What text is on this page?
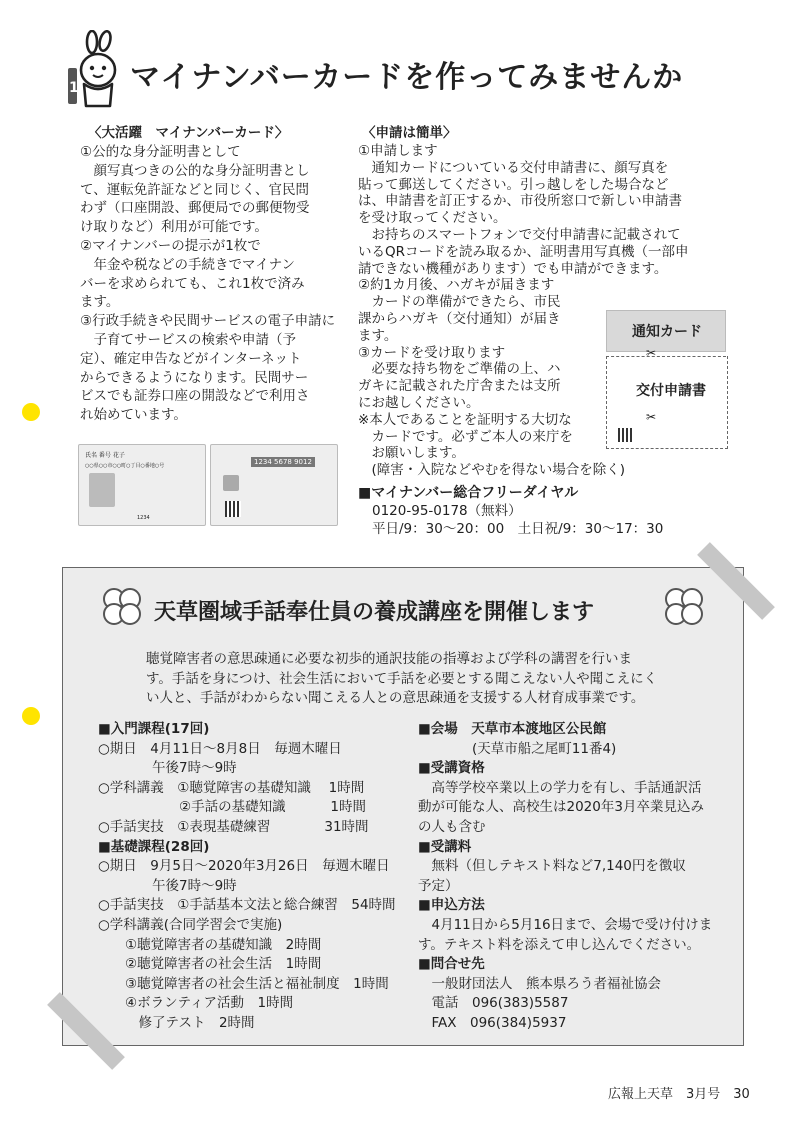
1 マイナンバーカードを作ってみませんか
〈大活躍　マイナンバーカード〉
①公的な身分証明書として
　顔写真つきの公的な身分証明書とし
て、運転免許証などと同じく、官民問
わず（口座開設、郵便局での郵便物受
け取りなど）利用が可能です。
②マイナンバーの提示が1枚で
　年金や税などの手続きでマイナン
バーを求められても、これ1枚で済み
ます。
③行政手続きや民間サービスの電子申請に
　子育てサービスの検索や申請（予
定）、確定申告などがインターネット
からできるようになります。民間サー
ビスでも証券口座の開設などで利用さ
れ始めています。
氏名 番号 花子
○○県○○市○○町○丁目○番地○号
1234
1234 5678 9012
〈申請は簡単〉
①申請します
　通知カードについている交付申請書に、顔写真を
貼って郵送してください。引っ越しをした場合など
は、申請書を訂正するか、市役所窓口で新しい申請書
を受け取ってください。
　お持ちのスマートフォンで交付申請書に記載されて
いるQRコードを読み取るか、証明書用写真機（一部申
請できない機種があります）でも申請ができます。
②約1カ月後、ハガキが届きます
　カードの準備ができたら、市民
課からハガキ（交付通知）が届き
ます。
③カードを受け取ります
　必要な持ち物をご準備の上、ハ
ガキに記載された庁舎または支所
にお越しください。
※本人であることを証明する大切な
　カードです。必ずご本人の来庁を
　お願いします。
　(障害・入院などやむを得ない場合を除く)
通知カード
交付申請書
✂
✂
■マイナンバー総合フリーダイヤル
0120-95-0178（無料）
平日/9：30～20：00　土日祝/9：30～17：30
天草圏域手話奉仕員の養成講座を開催します
聴覚障害者の意思疎通に必要な初歩的通訳技能の指導および学科の講習を行いま
す。手話を身につけ、社会生活において手話を必要とする聞こえない人や聞こえにく
い人と、手話がわからない聞こえる人との意思疎通を支援する人材育成事業です。
■入門課程(17回)
○期日　4月11日～8月8日　毎週木曜日
　　　　午後7時～9時
○学科講義　①聴覚障害の基礎知識　 1時間
　　　　　　②手話の基礎知識　　　 1時間
○手話実技　①表現基礎練習　　　　31時間
■基礎課程(28回)
○期日　9月5日～2020年3月26日　毎週木曜日
　　　　午後7時～9時
○手話実技　①手話基本文法と総合練習　54時間
○学科講義(合同学習会で実施)
　　①聴覚障害者の基礎知識　2時間
　　②聴覚障害者の社会生活　1時間
　　③聴覚障害者の社会生活と福祉制度　1時間
　　④ボランティア活動　1時間
　　　修了テスト　2時間
■会場　天草市本渡地区公民館
　　　　(天草市船之尾町11番4)
■受講資格
　高等学校卒業以上の学力を有し、手話通訳活
動が可能な人、高校生は2020年3月卒業見込み
の人も含む
■受講料
　無料（但しテキスト料など7,140円を徴収
予定）
■申込方法
　4月11日から5月16日まで、会場で受け付けま
す。テキスト料を添えて申し込んでください。
■問合せ先
　一般財団法人　熊本県ろう者福祉協会
　電話　096(383)5587
　FAX　096(384)5937
広報上天草　3月号　30
